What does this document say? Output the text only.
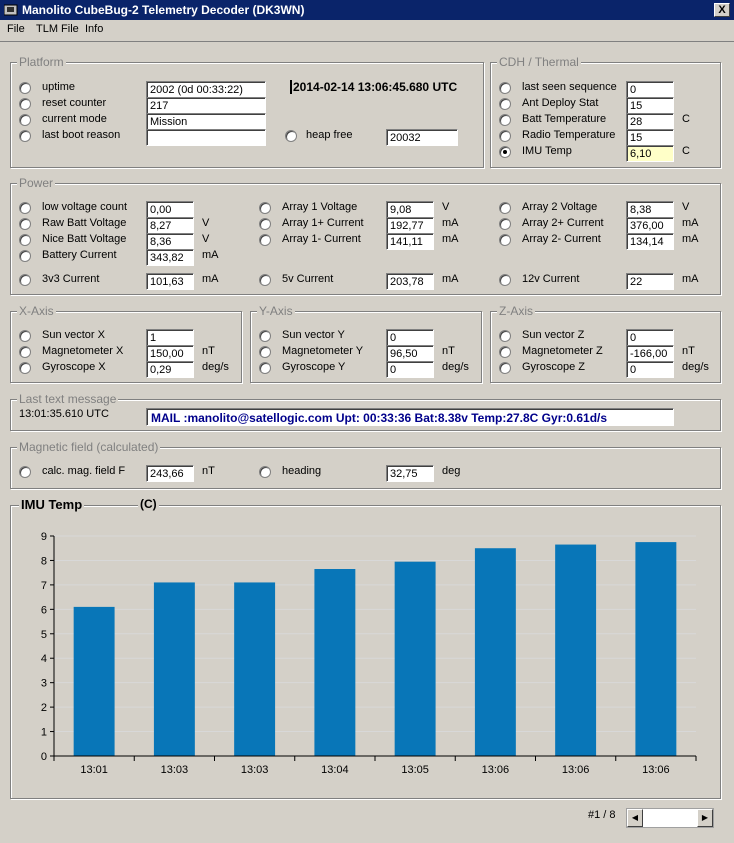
Manolito CubeBug-2 Telemetry Decoder (DK3WN)	X
File TLM File Info
Platform
uptime	2002 (0d 00:33:22)
reset counter	217
current mode	Mission
last boot reason
2014-02-14 13:06:45.680 UTC
heap free	20032
CDH / Thermal
last seen sequence	0
Ant Deploy Stat	15
Batt Temperature	28	C
Radio Temperature	15
IMU Temp	6,10	C
Power
low voltage count	0,00
Raw Batt Voltage	8,27	V
Nice Batt Voltage	8,36	V
Battery Current	343,82	mA
3v3 Current	101,63	mA
Array 1 Voltage	9,08	V
Array 1+ Current	192,77	mA
Array 1- Current	141,11	mA
5v Current	203,78	mA
Array 2 Voltage	8,38	V
Array 2+ Current	376,00	mA
Array 2- Current	134,14	mA
12v Current	22	mA
X-Axis
Sun vector X	1
Magnetometer X	150,00	nT
Gyroscope X	0,29	deg/s
Y-Axis
Sun vector Y	0
Magnetometer Y	96,50	nT
Gyroscope Y	0	deg/s
Z-Axis
Sun vector Z	0
Magnetometer Z	-166,00	nT
Gyroscope Z	0	deg/s
Last text message
13:01:35.610 UTC	MAIL :manolito@satellogic.com Upt: 00:33:36 Bat:8.38v Temp:27.8C Gyr:0.61d/s
Magnetic field (calculated)
calc. mag. field F	243,66	nT	heading	32,75	deg
IMU Temp	(C)
0
1
2
3
4
5
6
7
8
9
13:01	13:03	13:03	13:04	13:05	13:06	13:06	13:06
#1 / 8	◀	▶
